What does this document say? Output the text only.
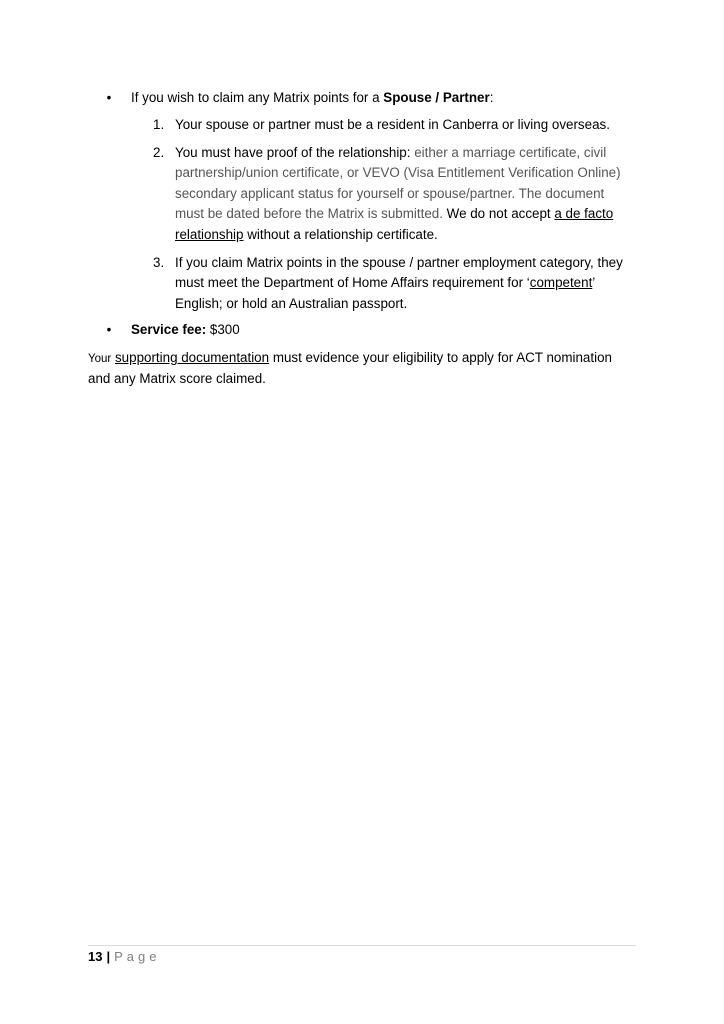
• If you wish to claim any Matrix points for a Spouse / Partner:
1. Your spouse or partner must be a resident in Canberra or living overseas.
2. You must have proof of the relationship: either a marriage certificate, civil
partnership/union certificate, or VEVO (Visa Entitlement Verification Online)
secondary applicant status for yourself or spouse/partner. The document
must be dated before the Matrix is submitted. We do not accept a de facto
relationship without a relationship certificate.
3. If you claim Matrix points in the spouse / partner employment category, they
must meet the Department of Home Affairs requirement for ‘competent’
English; or hold an Australian passport.
• Service fee: $300
Your supporting documentation must evidence your eligibility to apply for ACT nomination
and any Matrix score claimed.
13 | Page
